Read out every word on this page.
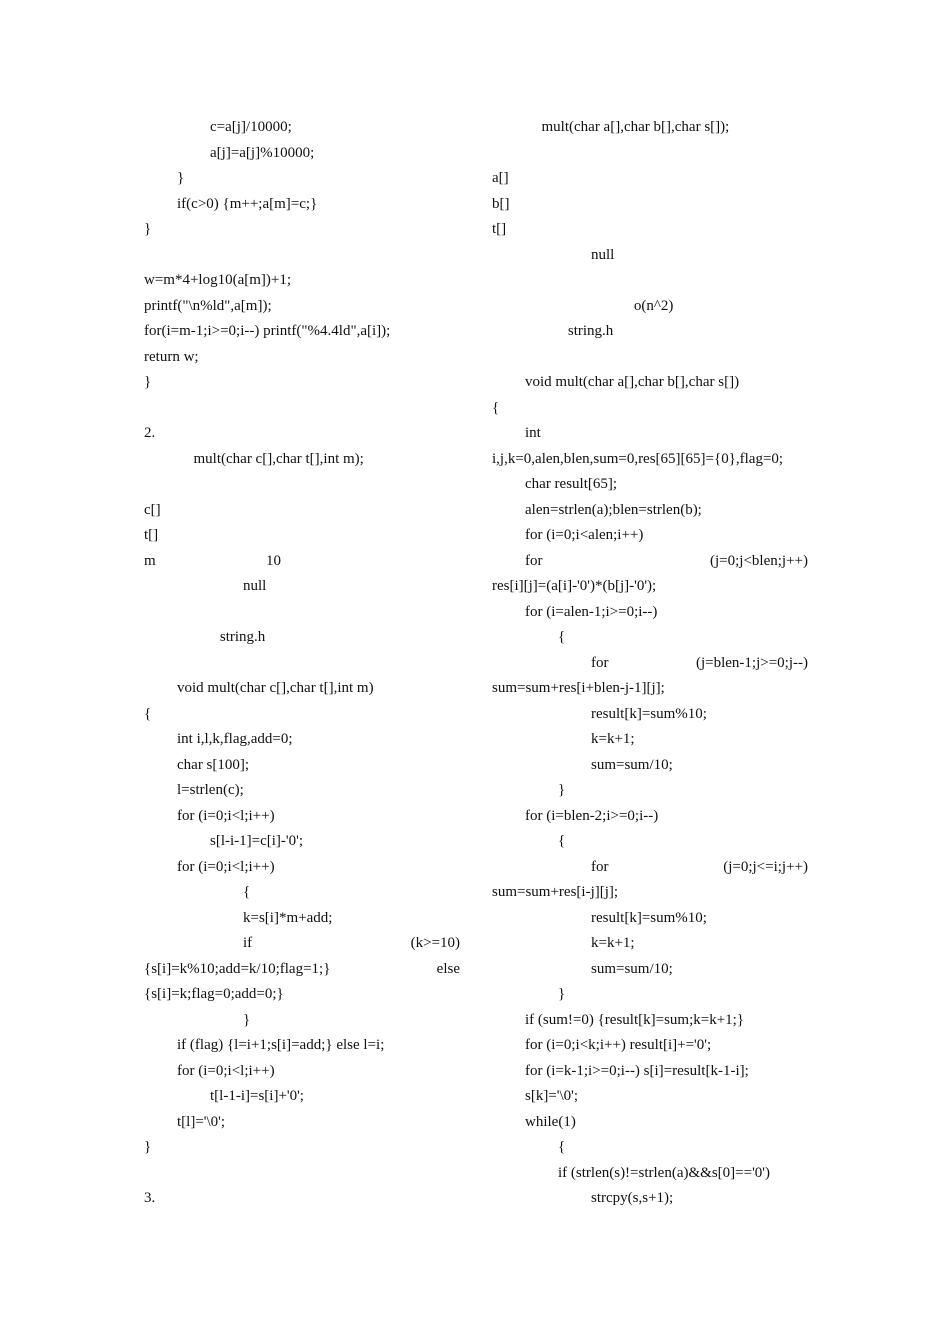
c=a[j]/10000;
a[j]=a[j]%10000;
}
if(c>0) {m++;a[m]=c;}
}
w=m*4+log10(a[m])+1;
printf("\n%ld",a[m]);
for(i=m-1;i>=0;i--) printf("%4.4ld",a[i]);
return w;
}
2.
mult(char c[],char t[],int m);
c[]
t[]
m	10
null
string.h
void mult(char c[],char t[],int m)
{
int i,l,k,flag,add=0;
char s[100];
l=strlen(c);
for (i=0;i<l;i++)
s[l-i-1]=c[i]-'0';
for (i=0;i<l;i++)
{
k=s[i]*m+add;
if	(k>=10)
{s[i]=k%10;add=k/10;flag=1;}	else
{s[i]=k;flag=0;add=0;}
}
if (flag) {l=i+1;s[i]=add;} else l=i;
for (i=0;i<l;i++)
t[l-1-i]=s[i]+'0';
t[l]='\0';
}
3.
mult(char a[],char b[],char s[]);
a[]
b[]
t[]
null
o(n^2)
string.h
void mult(char a[],char b[],char s[])
{
int
i,j,k=0,alen,blen,sum=0,res[65][65]={0},flag=0;
char result[65];
alen=strlen(a);blen=strlen(b);
for (i=0;i<alen;i++)
for	(j=0;j<blen;j++)
res[i][j]=(a[i]-'0')*(b[j]-'0');
for (i=alen-1;i>=0;i--)
{
for	(j=blen-1;j>=0;j--)
sum=sum+res[i+blen-j-1][j];
result[k]=sum%10;
k=k+1;
sum=sum/10;
}
for (i=blen-2;i>=0;i--)
{
for	(j=0;j<=i;j++)
sum=sum+res[i-j][j];
result[k]=sum%10;
k=k+1;
sum=sum/10;
}
if (sum!=0) {result[k]=sum;k=k+1;}
for (i=0;i<k;i++) result[i]+='0';
for (i=k-1;i>=0;i--) s[i]=result[k-1-i];
s[k]='\0';
while(1)
{
if (strlen(s)!=strlen(a)&&s[0]=='0')
strcpy(s,s+1);
